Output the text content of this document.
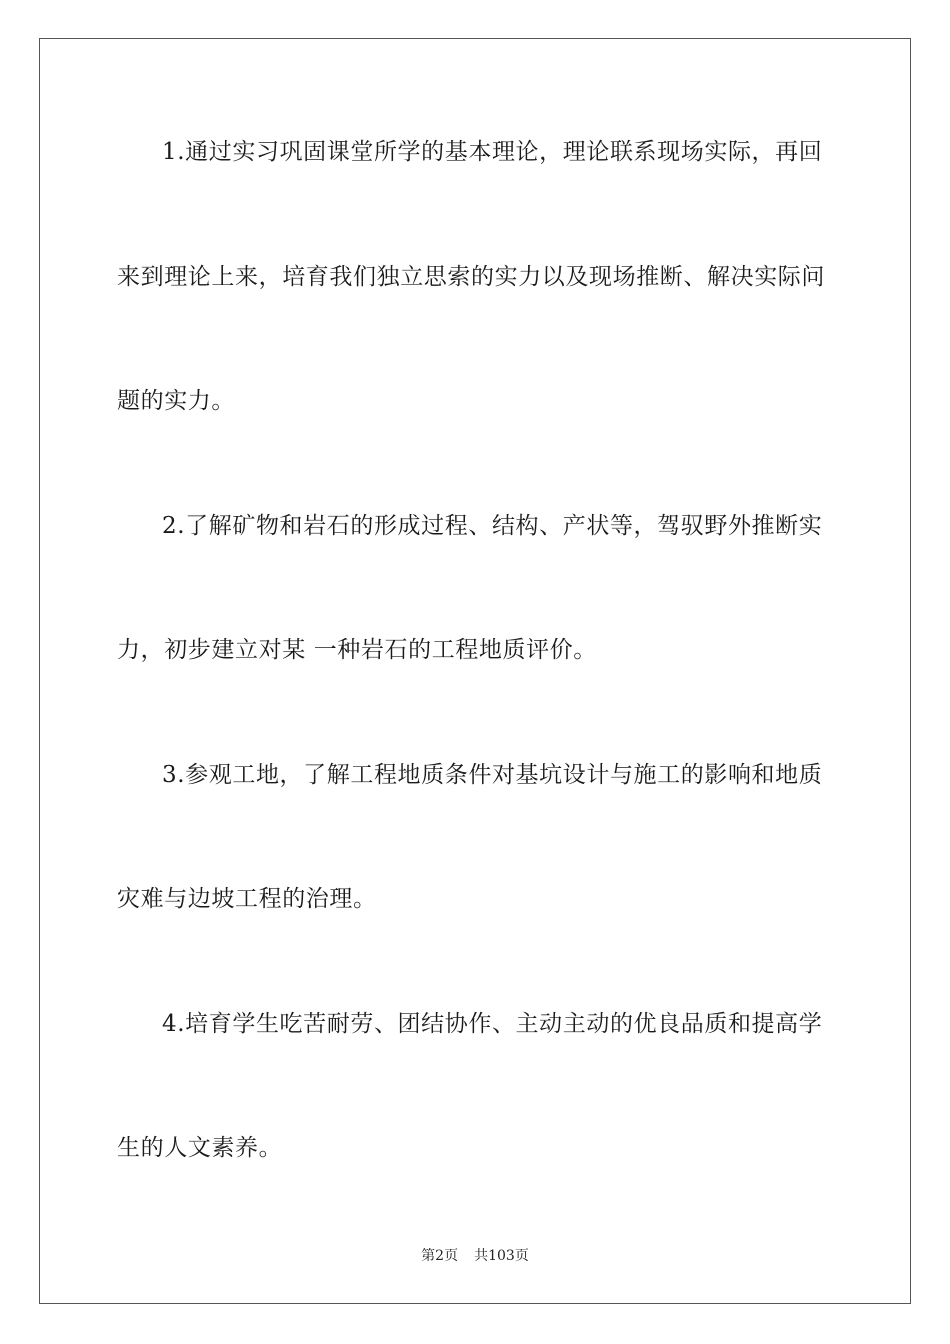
1.通过实习巩固课堂所学的基本理论，理论联系现场实际，再回

来到理论上来，培育我们独立思索的实力以及现场推断、解决实际问

题的实力。

2.了解矿物和岩石的形成过程、结构、产状等，驾驭野外推断实

力，初步建立对某 一种岩石的工程地质评价。

3.参观工地，了解工程地质条件对基坑设计与施工的影响和地质

灾难与边坡工程的治理。

4.培育学生吃苦耐劳、团结协作、主动主动的优良品质和提高学

生的人文素养。

第2页 共103页
